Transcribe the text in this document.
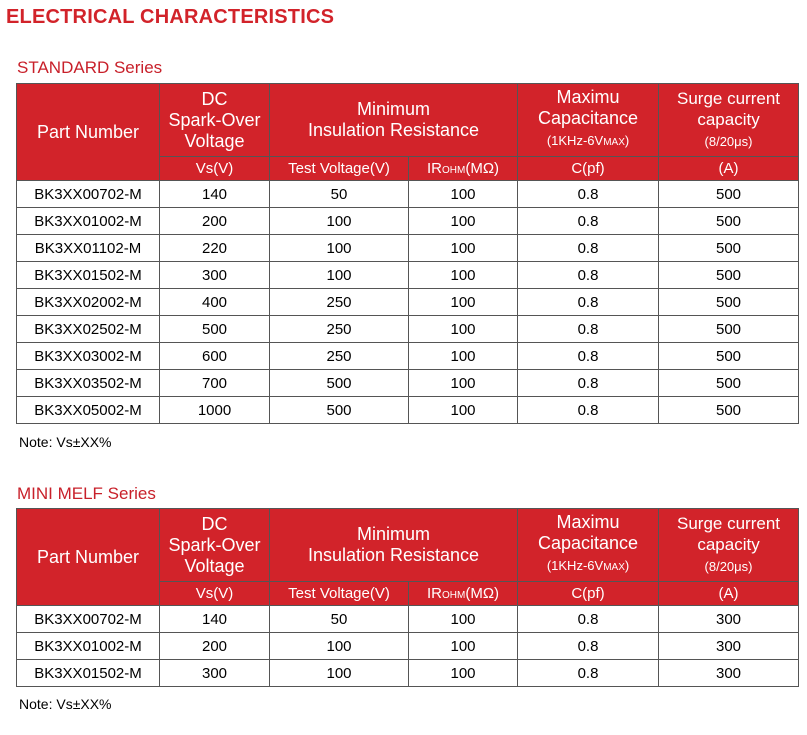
ELECTRICAL CHARACTERISTICS
STANDARD Series
Part Number	DC
Spark-Over
Voltage	Minimum
Insulation Resistance		Maximu
Capacitance
(1KHz-6VMAX)	Surge current
capacity
(8/20μs)
	Vs(V)	Test Voltage(V)	IROHM(MΩ)	C(pf)	(A)
BK3XX00702-M	140	50	100	0.8	500
BK3XX01002-M	200	100	100	0.8	500
BK3XX01102-M	220	100	100	0.8	500
BK3XX01502-M	300	100	100	0.8	500
BK3XX02002-M	400	250	100	0.8	500
BK3XX02502-M	500	250	100	0.8	500
BK3XX03002-M	600	250	100	0.8	500
BK3XX03502-M	700	500	100	0.8	500
BK3XX05002-M	1000	500	100	0.8	500
Note: Vs±XX%
MINI MELF Series
Part Number	DC
Spark-Over
Voltage	Minimum
Insulation Resistance		Maximu
Capacitance
(1KHz-6VMAX)	Surge current
capacity
(8/20μs)
	Vs(V)	Test Voltage(V)	IROHM(MΩ)	C(pf)	(A)
BK3XX00702-M	140	50	100	0.8	300
BK3XX01002-M	200	100	100	0.8	300
BK3XX01502-M	300	100	100	0.8	300
Note: Vs±XX%
